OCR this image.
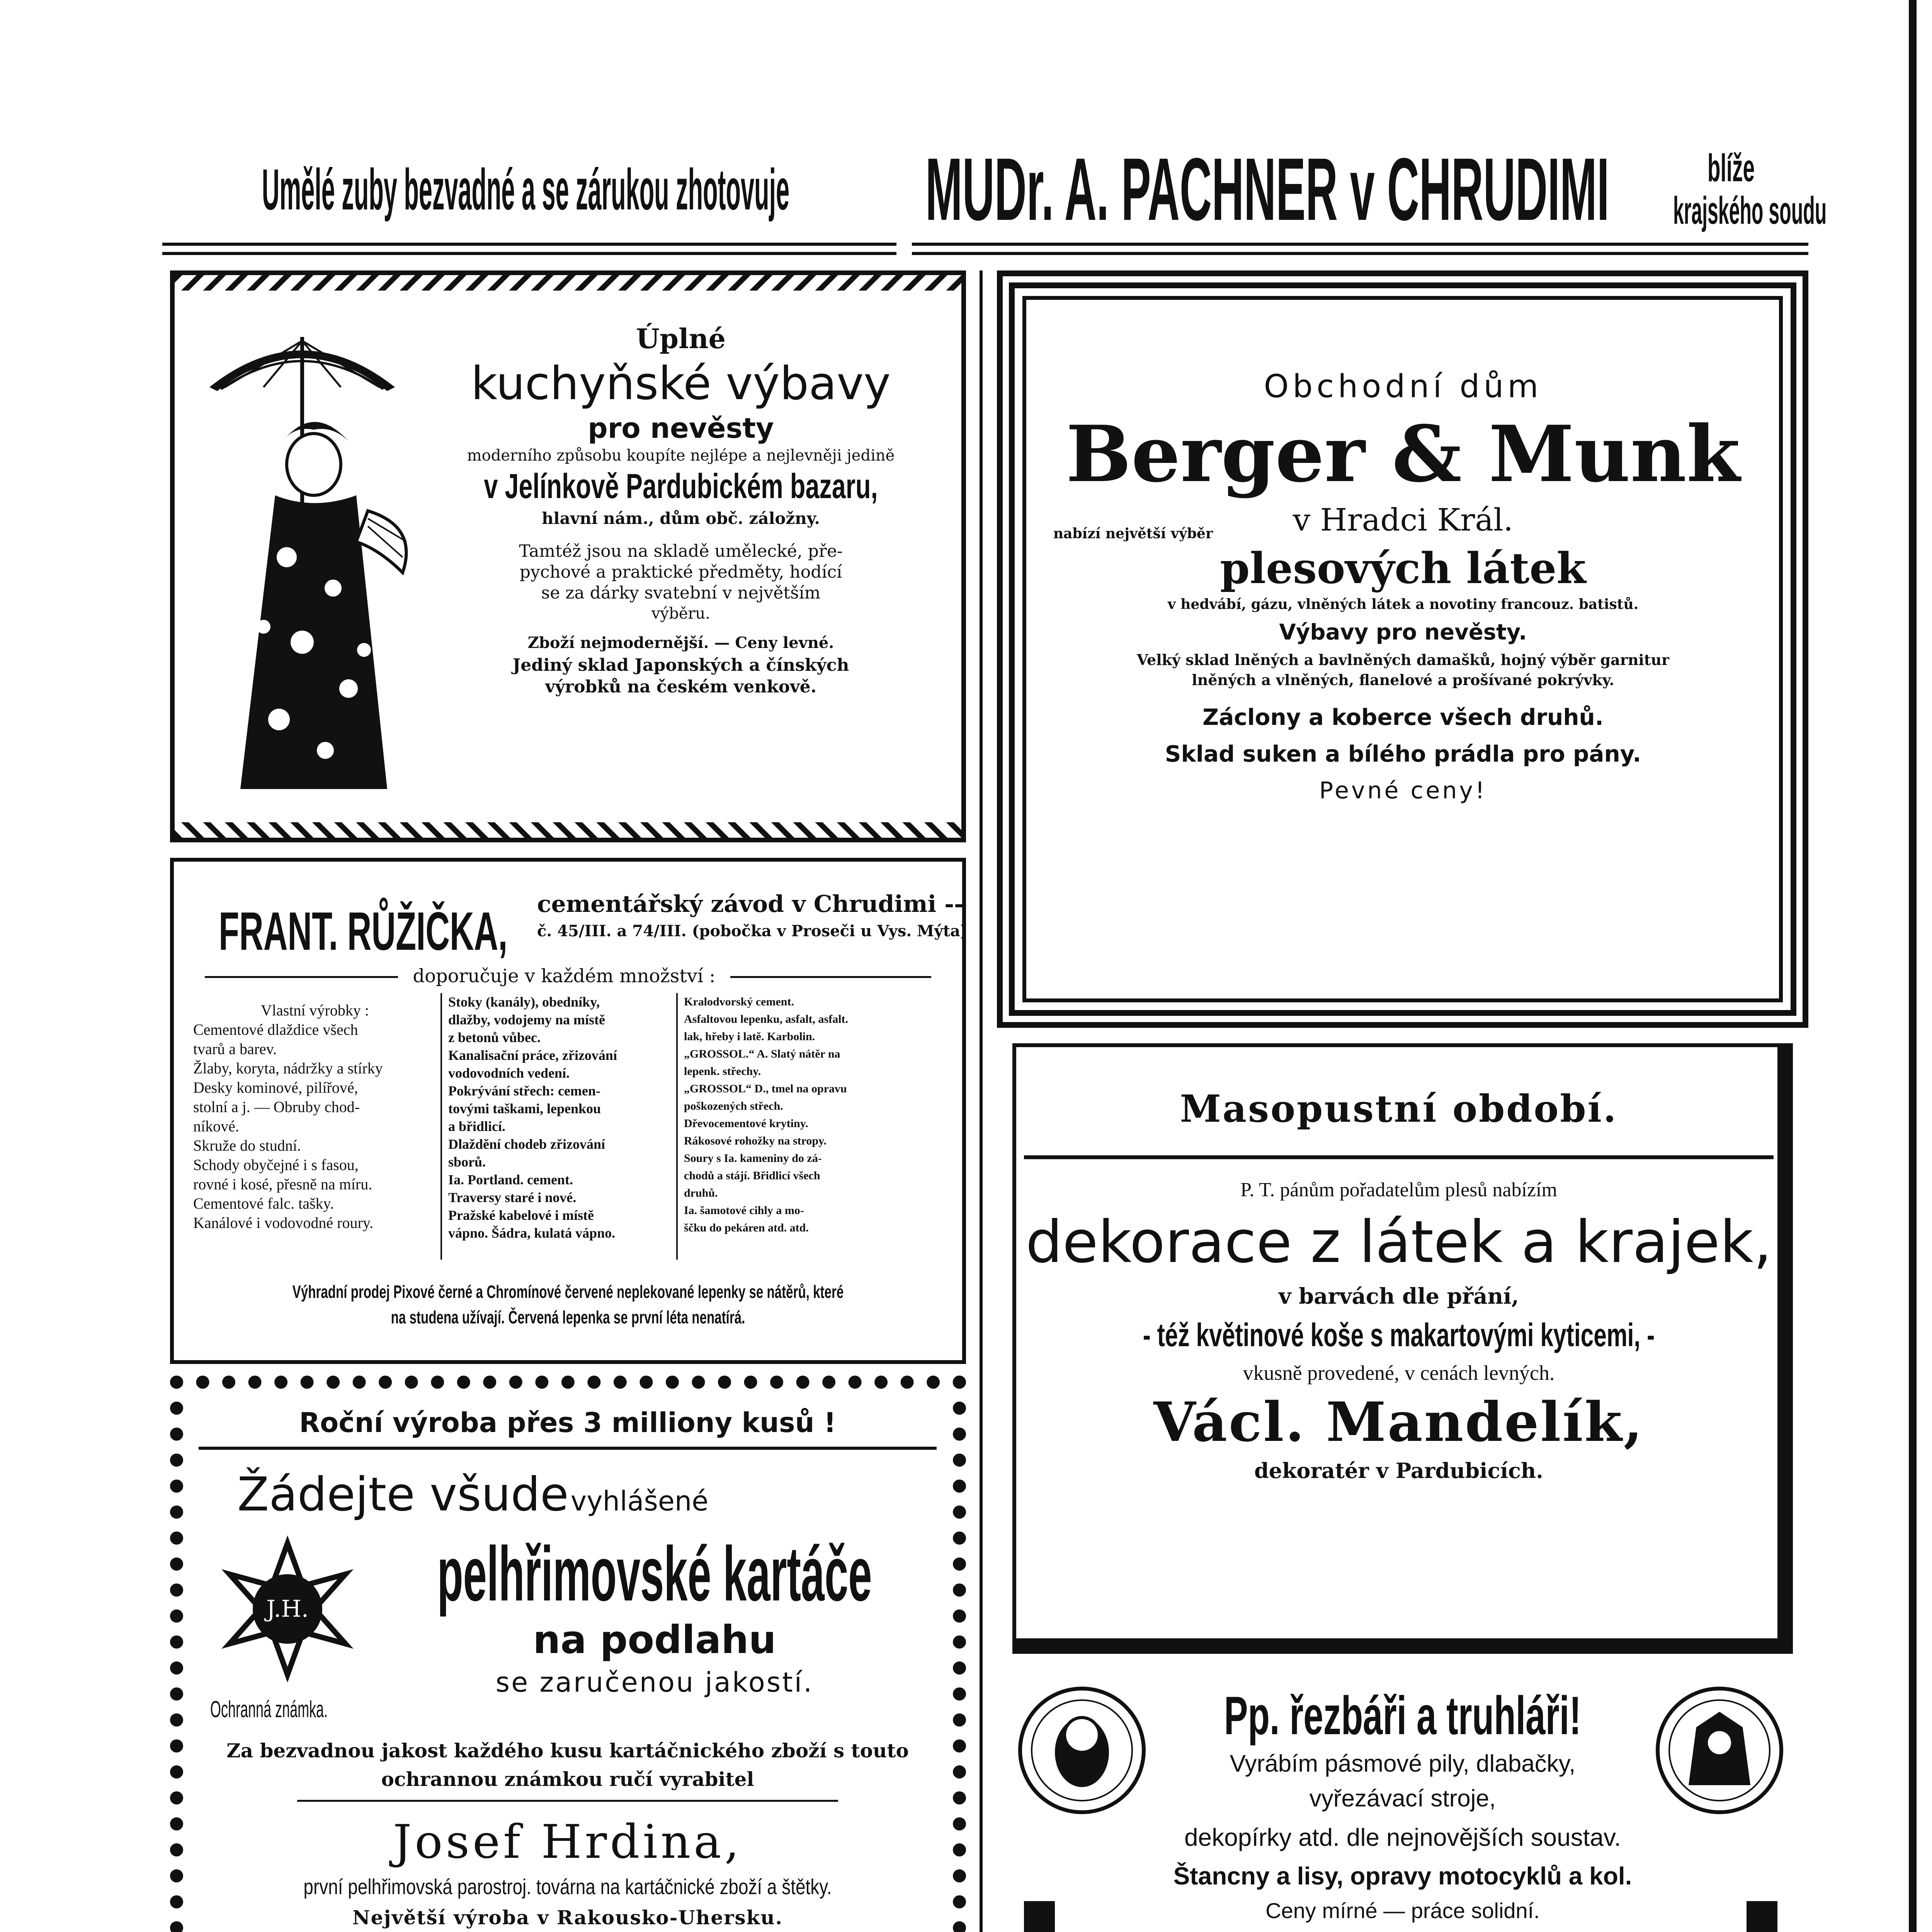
Umělé zuby bezvadné a se zárukou zhotovuje	MUDr. A. PACHNER v CHRUDIMI	blíže
krajského soudu
Úplné
kuchyňské výbavy
pro nevěsty
moderního způsobu koupíte nejlépe a nejlevněji jedině
v Jelínkově Pardubickém bazaru,
hlavní nám., dům obč. záložny.
Tamtéž jsou na skladě umělecké, pře-
pychové a praktické předměty, hodící
se za dárky svatební v největším
výběru.
Zboží nejmodernější. — Ceny levné.
Jediný sklad Japonských a čínských
výrobků na českém venkově.
FRANT. RŮŽIČKA,	cementářský závod v Chrudimi --
č. 45/III. a 74/III. (pobočka v Proseči u Vys. Mýta)
doporučuje v každém množství :
Vlastní výrobky :
Cementové dlaždice všech
tvarů a barev.
Žlaby, koryta, nádržky a stírky
Desky kominové, pilířové,
stolní a j. — Obruby chod-
níkové.
Skruže do studní.
Schody obyčejné i s fasou,
rovné i kosé, přesně na míru.
Cementové falc. tašky.
Kanálové i vodovodné roury.
Stoky (kanály), obedníky,
dlažby, vodojemy na místě
z betonů vůbec.
Kanalisační práce, zřizování
vodovodních vedení.
Pokrývání střech: cemen-
tovými taškami, lepenkou
a břidlicí.
Dlaždění chodeb zřizování
sborů.
Ia. Portland. cement.
Traversy staré i nové.
Pražské kabelové i místě
vápno. Šádra, kulatá vápno.
Kralodvorský cement.
Asfaltovou lepenku, asfalt, asfalt.
lak, hřeby i latě. Karbolin.
„GROSSOL.“ A. Slatý nátěr na
lepenk. střechy.
„GROSSOL“ D., tmel na opravu
poškozených střech.
Dřevocementové krytiny.
Rákosové rohožky na stropy.
Soury s Ia. kameniny do zá-
chodů a stájí. Břidlicí všech
druhů.
Ia. šamotové cihly a mo-
ščku do pekáren atd. atd.
Výhradní prodej Pixové černé a Chromínové červené neplekované lepenky se nátěrů, které
na studena užívají. Červená lepenka se první léta nenatírá.
Roční výroba přes 3 milliony kusů !
Žádejte všude vyhlášené
J.H.	pelhřimovské kartáče
na podlahu
se zaručenou jakostí.
Ochranná známka.
Za bezvadnou jakost každého kusu kartáčnického zboží s touto
ochrannou známkou ručí vyrabitel
Josef Hrdina,
první pelhřimovská parostroj. továrna na kartáčnické zboží a štětky.
Největší výroba v Rakousko-Uhersku.
Obchodní dům
Berger & Munk
v Hradci Král.
nabízí největší výběr
plesových látek
v hedvábí, gázu, vlněných látek a novotiny francouz. batistů.
Výbavy pro nevěsty.
Velký sklad lněných a bavlněných damašků, hojný výběr garnitur
lněných a vlněných, flanelové a prošívané pokrývky.
Záclony a koberce všech druhů.
Sklad suken a bílého prádla pro pány.
Pevné ceny!
Masopustní období.
P. T. pánům pořadatelům plesů nabízím
dekorace z látek a krajek,
v barvách dle přání,
- též květinové koše s makartovými kyticemi, -
vkusně provedené, v cenách levných.
Václ. Mandelík,
dekoratér v Pardubicích.
Pp. řezbáři a truhláři!
Vyrábím pásmové pily, dlabačky,
vyřezávací stroje,
dekopírky atd. dle nejnovějších soustav.
Štancny a lisy, opravy motocyklů a kol.
Ceny mírné — práce solidní.
